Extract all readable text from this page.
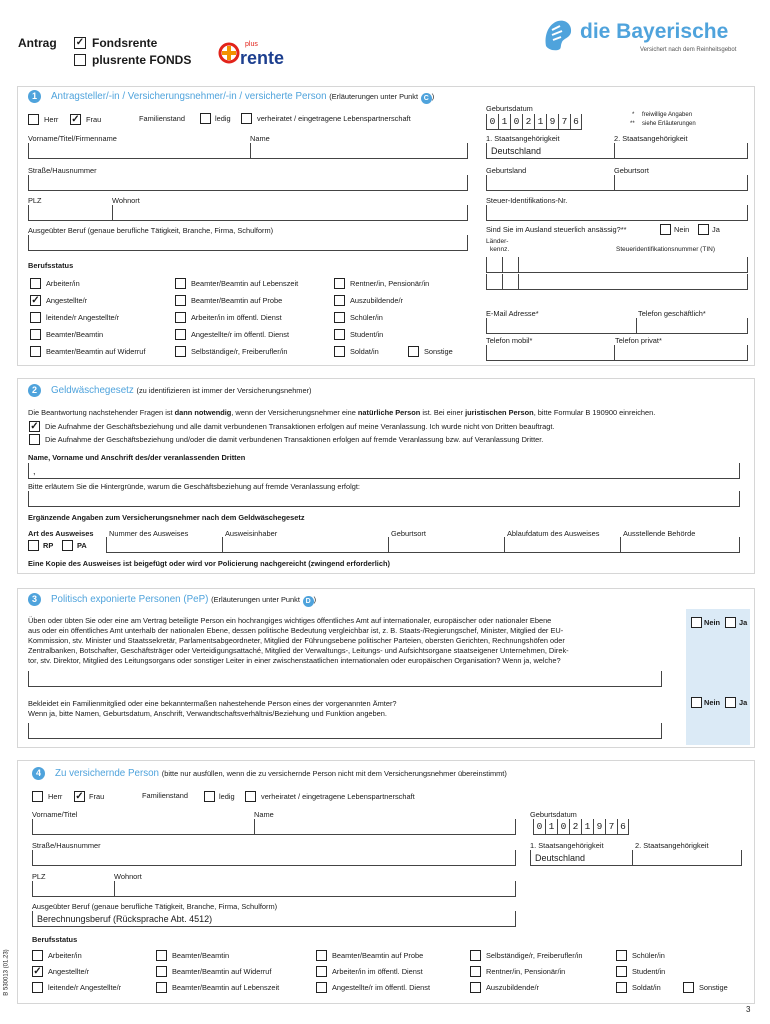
Antrag ✓ Fondsrente
plusrente FONDS
plus
rente
die Bayerische
Versichert nach dem Reinheitsgebot
1	Antragsteller/-in / Versicherungsnehmer/-in / versicherte Person (Erläuterungen unter Punkt C )
Herr ✓ Frau	Familienstand	ledig	verheiratet / eingetragene Lebenspartnerschaft
Geburtsdatum
0 1 0 2 1 9 7 6
* freiwillige Angaben
** siehe Erläuterungen
Vorname/Titel/Firmenname	Name	1. Staatsangehörigkeit
Deutschland
2. Staatsangehörigkeit
Straße/Hausnummer	Geburtsland	Geburtsort
PLZ	Wohnort	Steuer-Identifikations-Nr.
Ausgeübter Beruf (genaue berufliche Tätigkeit, Branche, Firma, Schulform)	Sind Sie im Ausland steuerlich ansässig?**	Nein	Ja
Länder-
kennz.	Steueridentifikationsnummer (TIN)
Berufsstatus
Arbeiter/in	Beamter/Beamtin auf Lebenszeit	Rentner/in, Pensionär/in
✓ Angestellte/r	Beamter/Beamtin auf Probe	Auszubildende/r
leitende/r Angestellte/r	Arbeiter/in im öffentl. Dienst	Schüler/in
Beamter/Beamtin	Angestellte/r im öffentl. Dienst	Student/in
Beamter/Beamtin auf Widerruf	Selbständige/r, Freiberufler/in	Soldat/in	Sonstige
E-Mail Adresse*	Telefon geschäftlich*
Telefon mobil*	Telefon privat*
2	Geldwäschegesetz (zu identifizieren ist immer der Versicherungsnehmer)
Die Beantwortung nachstehender Fragen ist dann notwendig, wenn der Versicherungsnehmer eine natürliche Person ist. Bei einer juristischen Person, bitte Formular B 190900 einreichen.
✓ Die Aufnahme der Geschäftsbeziehung und alle damit verbundenen Transaktionen erfolgen auf meine Veranlassung. Ich wurde nicht von Dritten beauftragt.
Die Aufnahme der Geschäftsbeziehung und/oder die damit verbundenen Transaktionen erfolgen auf fremde Veranlassung bzw. auf Veranlassung Dritter.
Name, Vorname und Anschrift des/der veranlassenden Dritten
,
Bitte erläutern Sie die Hintergründe, warum die Geschäftsbeziehung auf fremde Veranlassung erfolgt:
Ergänzende Angaben zum Versicherungsnehmer nach dem Geldwäschegesetz
Art des Ausweises
RP	PA
Nummer des Ausweises	Ausweisinhaber	Geburtsort	Ablaufdatum des Ausweises	Ausstellende Behörde
Eine Kopie des Ausweises ist beigefügt oder wird vor Policierung nachgereicht (zwingend erforderlich)
3	Politisch exponierte Personen (PeP) (Erläuterungen unter Punkt D )
Üben oder übten Sie oder eine am Vertrag beteiligte Person ein hochrangiges wichtiges öffentliches Amt auf internationaler, europäischer oder nationaler Ebene
aus oder ein öffentliches Amt unterhalb der nationalen Ebene, dessen politische Bedeutung vergleichbar ist, z. B. Staats-/Regierungschef, Minister, Mitglied der EU-
Kommission, stv. Minister und Staatssekretär, Parlamentsabgeordneter, Mitglied der Führungsebene politischer Parteien, obersten Gerichten, Rechnungshöfen oder
Zentralbanken, Botschafter, Geschäftsträger oder Verteidigungsattaché, Mitglied der Verwaltungs-, Leitungs- und Aufsichtsorgane staatseigener Unternehmen, Direk-
tor, stv. Direktor, Mitglied des Leitungsorgans oder sonstiger Leiter in einer zwischenstaatlichen internationalen oder europäischen Organisation? Wenn ja, welche?
Nein	Ja
Bekleidet ein Familienmitglied oder eine bekanntermaßen nahestehende Person eines der vorgenannten Ämter?
Wenn ja, bitte Namen, Geburtsdatum, Anschrift, Verwandtschaftsverhältnis/Beziehung und Funktion angeben.
Nein	Ja
4	Zu versichernde Person (bitte nur ausfüllen, wenn die zu versichernde Person nicht mit dem Versicherungsnehmer übereinstimmt)
Herr ✓ Frau	Familienstand	ledig	verheiratet / eingetragene Lebenspartnerschaft
Vorname/Titel	Name	Geburtsdatum
0 1 0 2 1 9 7 6
Straße/Hausnummer	1. Staatsangehörigkeit
Deutschland
2. Staatsangehörigkeit
PLZ	Wohnort
Ausgeübter Beruf (genaue berufliche Tätigkeit, Branche, Firma, Schulform)
Berechnungsberuf (Rücksprache Abt. 4512)
Berufsstatus
Arbeiter/in	Beamter/Beamtin	Beamter/Beamtin auf Probe	Selbständige/r, Freiberufler/in	Schüler/in
✓ Angestellte/r	Beamter/Beamtin auf Widerruf	Arbeiter/in im öffentl. Dienst	Rentner/in, Pensionär/in	Student/in
leitende/r Angestellte/r	Beamter/Beamtin auf Lebenszeit	Angestellte/r im öffentl. Dienst	Auszubildende/r	Soldat/in	Sonstige
B 530013 (01.23)
3
